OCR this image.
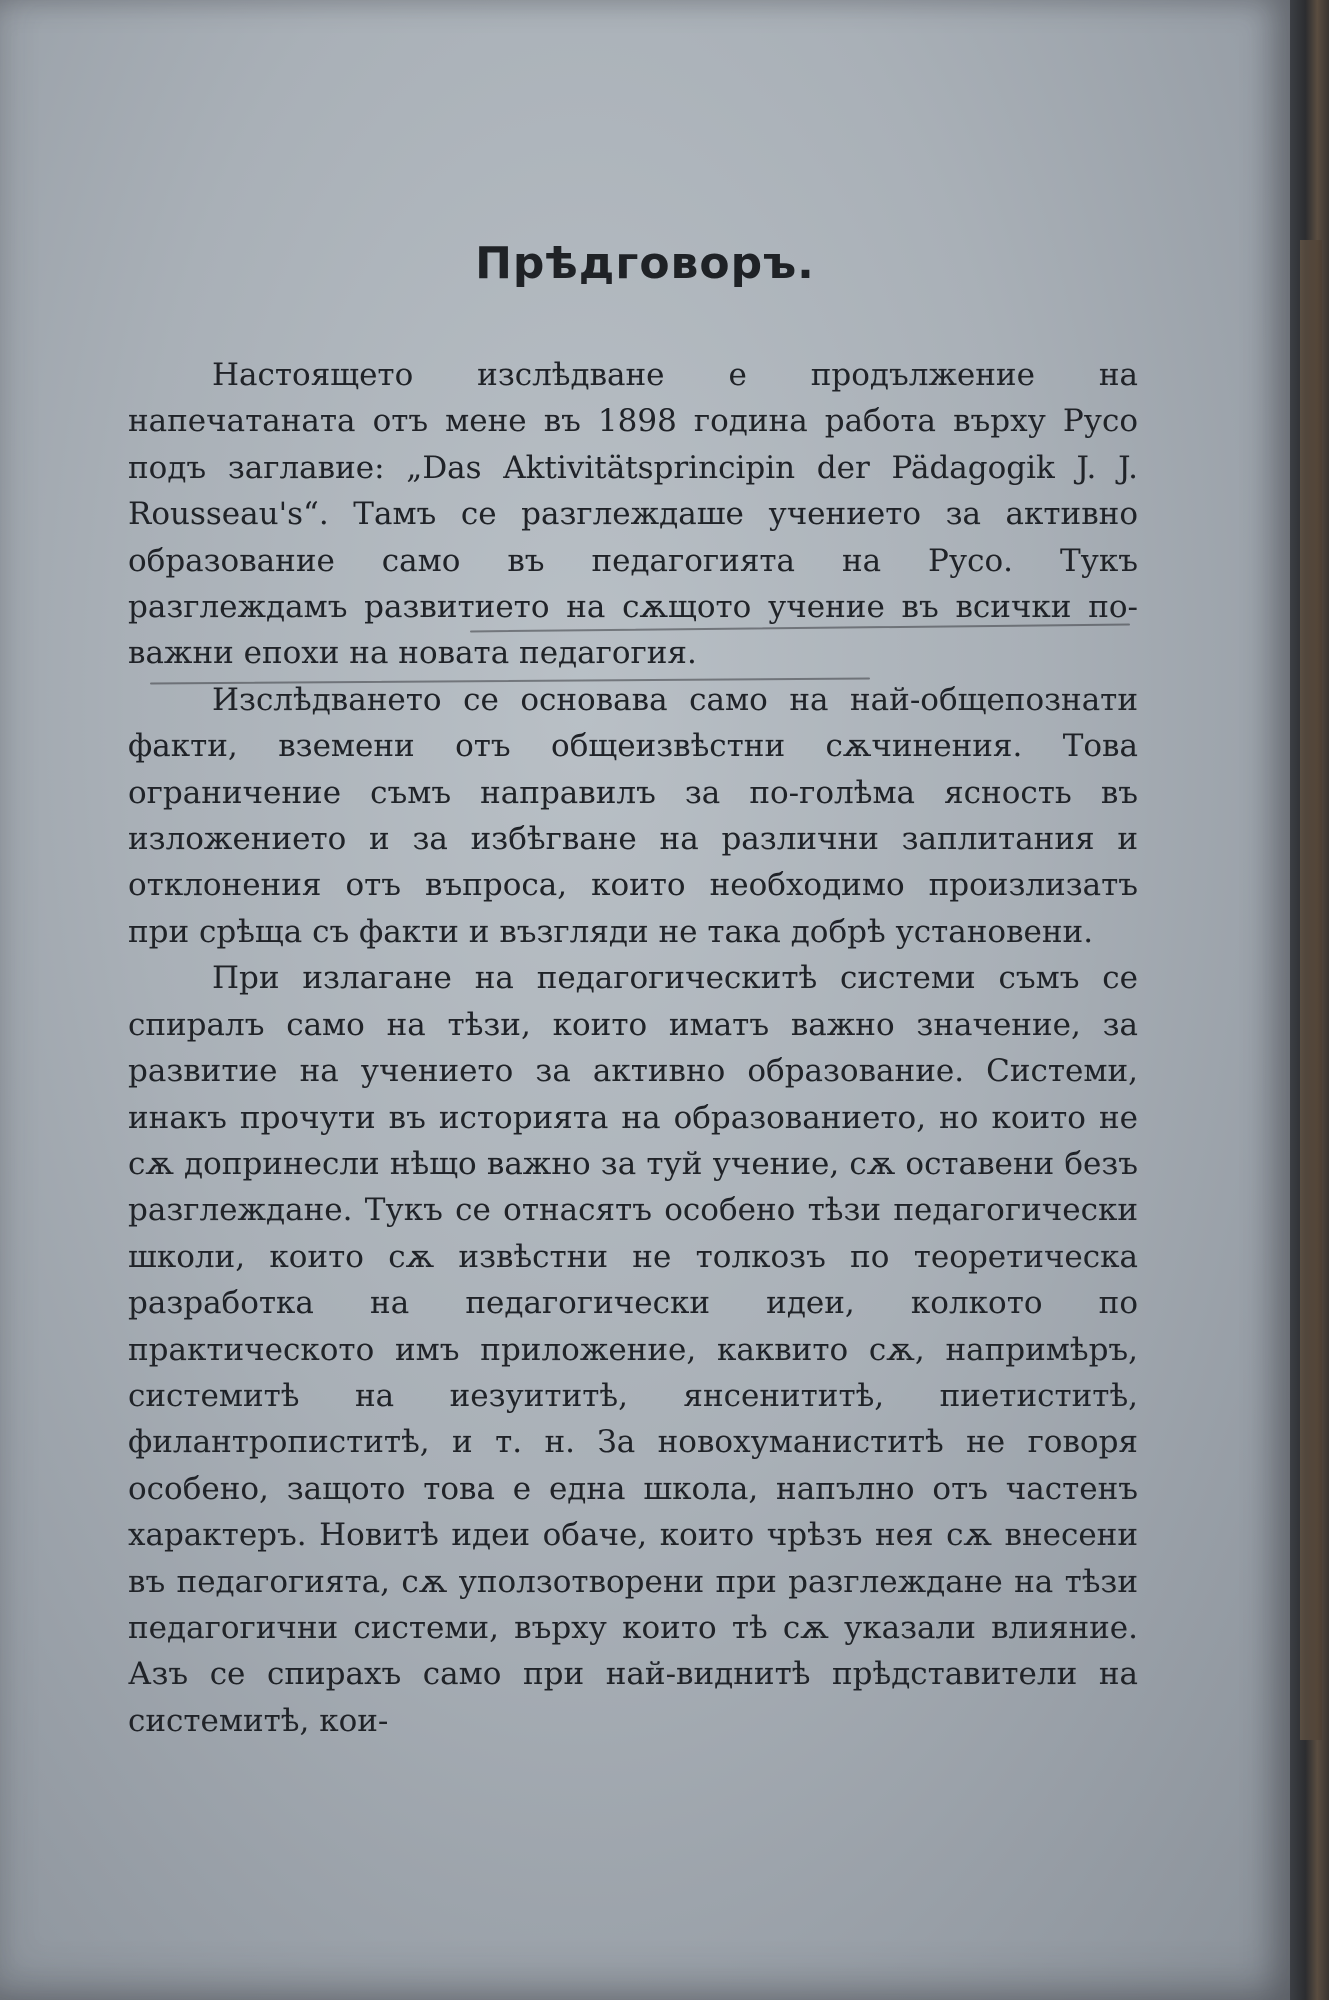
Прѣдговоръ.

Настоящето изслѣдване е продължение на напечатаната отъ мене въ 1898 година работа върху Русо подъ заглавие: „Das Aktivitätsprincipin der Pädagogik J. J. Rousseau's“. Тамъ се разглеждаше учението за активно образование само въ педагогията на Русо. Тукъ разглеждамъ развитието на сѫщото учение въ всички по-важни епохи на новата педагогия.

Изслѣдването се основава само на най-общепознати факти, вземени отъ общеизвѣстни сѫчинения. Това ограничение съмъ направилъ за по-голѣма ясность въ изложението и за избѣгване на различни заплитания и отклонения отъ въпроса, които необходимо произлизатъ при срѣща съ факти и възгляди не така добрѣ установени.

При излагане на педагогическитѣ системи съмъ се спиралъ само на тѣзи, които иматъ важно значение, за развитие на учението за активно образование. Системи, инакъ прочути въ историята на образованието, но които не сѫ допринесли нѣщо важно за туй учение, сѫ оставени безъ разглеждане. Тукъ се отнасятъ особено тѣзи педагогически школи, които сѫ извѣстни не толкозъ по теоретическа разработка на педагогически идеи, колкото по практическото имъ приложение, каквито сѫ, напримѣръ, системитѣ на иезуититѣ, янсенититѣ, пиетиститѣ, филантропиститѣ, и т. н. За новохуманиститѣ не говоря особено, защото това е една школа, напълно отъ частенъ характеръ. Новитѣ идеи обаче, които чрѣзъ нея сѫ внесени въ педагогията, сѫ уползотворени при разглеждане на тѣзи педагогични системи, върху които тѣ сѫ указали влияние. Азъ се спирахъ само при най-виднитѣ прѣдставители на системитѣ, кои-
